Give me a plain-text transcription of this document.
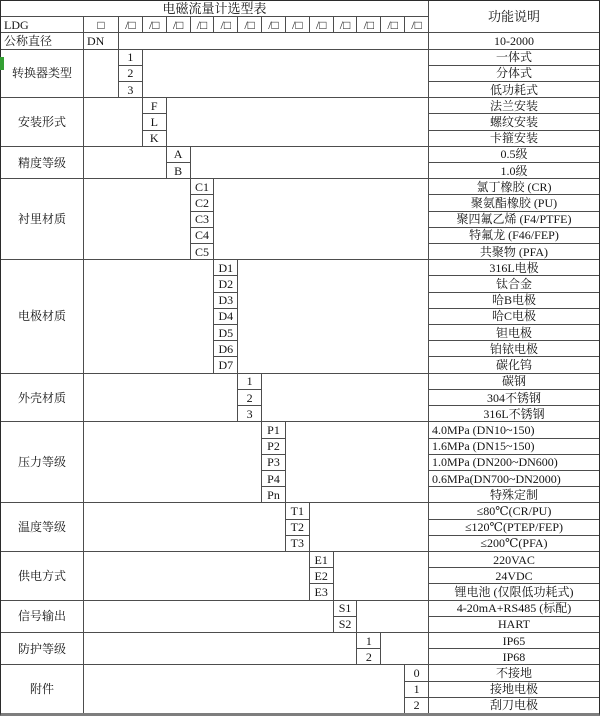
电磁流量计选型表
功能说明
LDG	□	/□	/□	/□	/□	/□	/□	/□	/□	/□	/□	/□	/□	/□
公称直径	DN	10-2000
转换器类型
1	一体式
2	分体式
3	低功耗式
安装形式
F	法兰安装
L	螺纹安装
K	卡箍安装
精度等级
A	0.5级
B	1.0级
衬里材质
C1	氯丁橡胶 (CR)
C2	聚氨酯橡胶 (PU)
C3	聚四氟乙烯 (F4/PTFE)
C4	特氟龙 (F46/FEP)
C5	共聚物 (PFA)
电极材质
D1	316L电极
D2	钛合金
D3	哈B电极
D4	哈C电极
D5	钽电极
D6	铂铱电极
D7	碳化钨
外壳材质
1	碳钢
2	304不锈钢
3	316L不锈钢
压力等级
P1	4.0MPa (DN10~150)
P2	1.6MPa (DN15~150)
P3	1.0MPa (DN200~DN600)
P4	0.6MPa(DN700~DN2000)
Pn	特殊定制
温度等级
T1	≤80℃(CR/PU)
T2	≤120℃(PTEP/FEP)
T3	≤200℃(PFA)
供电方式
E1	220VAC
E2	24VDC
E3	锂电池 (仅限低功耗式)
信号输出
S1	4-20mA+RS485 (标配)
S2	HART
防护等级
1	IP65
2	IP68
附件
0	不接地
1	接地电极
2	刮刀电极
